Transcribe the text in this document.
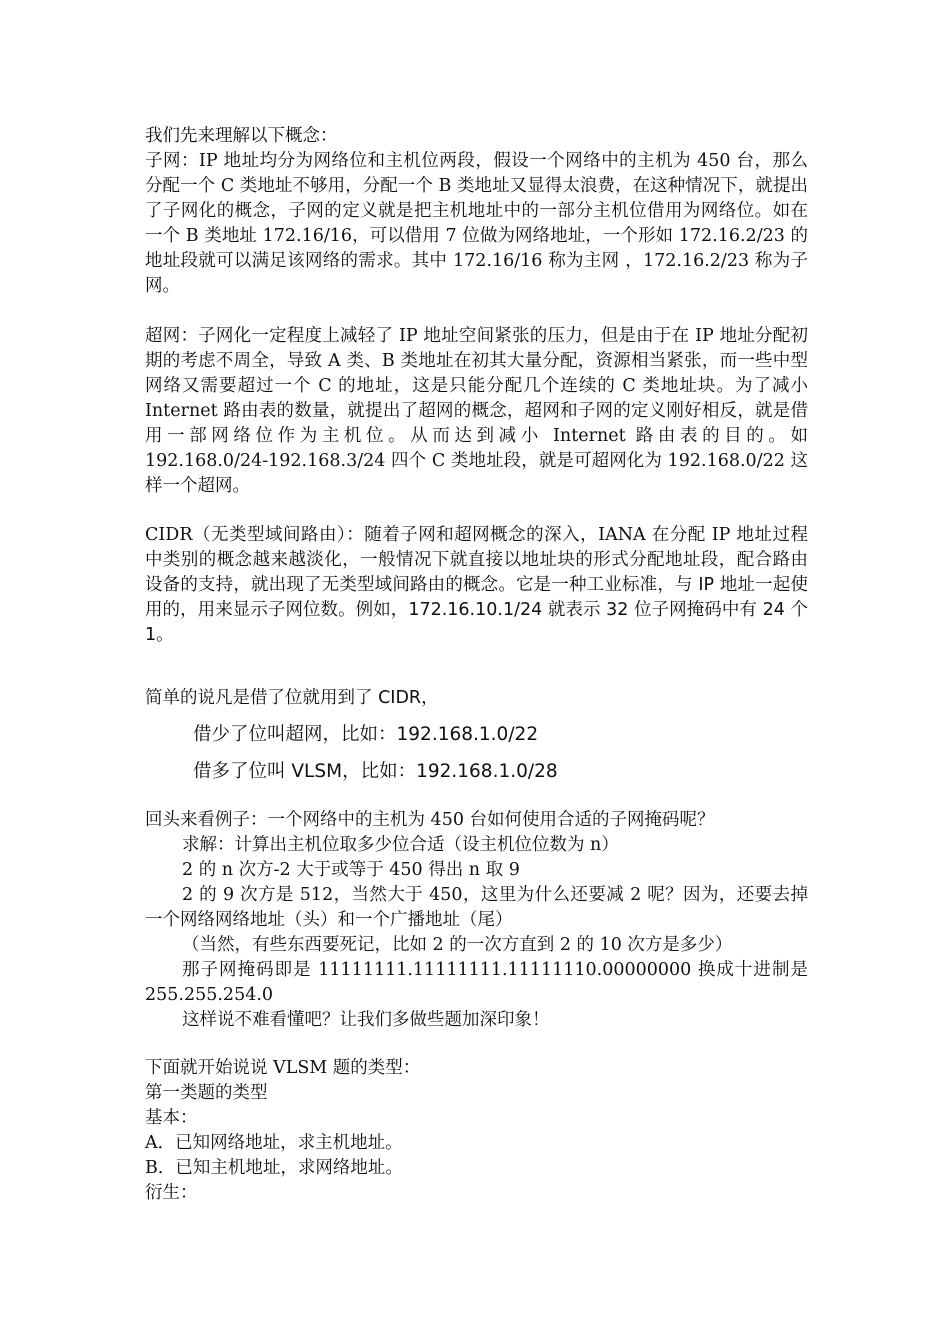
我们先来理解以下概念：
子网：IP 地址均分为网络位和主机位两段，假设一个网络中的主机为 450 台，那么分配一个 C 类地址不够用，分配一个 B 类地址又显得太浪费，在这种情况下，就提出了子网化的概念，子网的定义就是把主机地址中的一部分主机位借用为网络位。如在一个 B 类地址 172.16/16，可以借用 7 位做为网络地址，一个形如 172.16.2/23 的地址段就可以满足该网络的需求。其中 172.16/16 称为主网 ，172.16.2/23 称为子网。
超网：子网化一定程度上减轻了 IP 地址空间紧张的压力，但是由于在 IP 地址分配初期的考虑不周全，导致 A 类、B 类地址在初其大量分配，资源相当紧张，而一些中型网络又需要超过一个 C 的地址，这是只能分配几个连续的 C 类地址块。为了减小 Internet 路由表的数量，就提出了超网的概念，超网和子网的定义刚好相反，就是借用一部网络位作为主机位。从而达到减小 Internet 路由表的目的。如 192.168.0/24-192.168.3/24 四个 C 类地址段，就是可超网化为 192.168.0/22 这样一个超网。
CIDR（无类型域间路由）：随着子网和超网概念的深入，IANA 在分配 IP 地址过程中类别的概念越来越淡化，一般情况下就直接以地址块的形式分配地址段，配合路由设备的支持，就出现了无类型域间路由的概念。它是一种工业标准，与 IP 地址一起使用的，用来显示子网位数。例如，172.16.10.1/24 就表示 32 位子网掩码中有 24 个 1。
简单的说凡是借了位就用到了 CIDR，
借少了位叫超网，比如：192.168.1.0/22
借多了位叫 VLSM，比如：192.168.1.0/28
回头来看例子：一个网络中的主机为 450 台如何使用合适的子网掩码呢？
求解：计算出主机位取多少位合适（设主机位位数为 n）
2 的 n 次方-2 大于或等于 450 得出 n 取 9
2 的 9 次方是 512，当然大于 450，这里为什么还要减 2 呢？因为，还要去掉一个网络网络地址（头）和一个广播地址（尾）
（当然，有些东西要死记，比如 2 的一次方直到 2 的 10 次方是多少）
那子网掩码即是 11111111.11111111.11111110.00000000 换成十进制是 255.255.254.0
这样说不难看懂吧？让我们多做些题加深印象！
下面就开始说说 VLSM 题的类型：
第一类题的类型
基本：
A．已知网络地址，求主机地址。
B．已知主机地址，求网络地址。
衍生：
